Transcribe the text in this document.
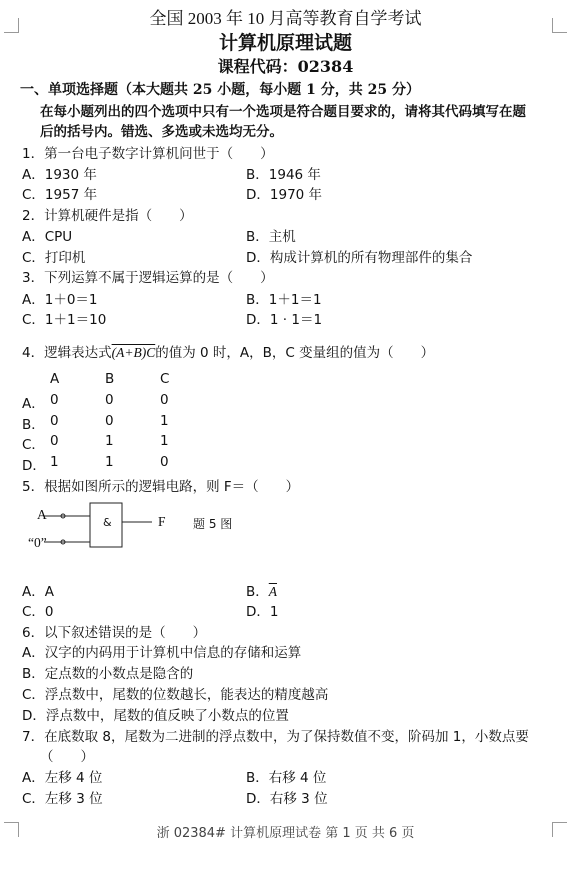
全国 2003 年 10 月高等教育自学考试
计算机原理试题
课程代码：02384
一、单项选择题（本大题共 25 小题，每小题 1 分，共 25 分）
在每小题列出的四个选项中只有一个选项是符合题目要求的，请将其代码填写在题
后的括号内。错选、多选或未选均无分。
1．第一台电子数字计算机问世于（　　）
A．1930 年	B．1946 年
C．1957 年	D．1970 年
2．计算机硬件是指（　　）
A．CPU	B．主机
C．打印机	D．构成计算机的所有物理部件的集合
3．下列运算不属于逻辑运算的是（　　）
A．1＋0＝1	B．1＋1＝1
C．1＋1＝10	D．1 · 1＝1
4．逻辑表达式(A+B)C的值为 0 时，A，B，C 变量组的值为（　　）
A	B	C
A． 0	0	0
B． 0	0	1
C． 0	1	1
D． 1	1	0
5．根据如图所示的逻辑电路，则 F＝（　　）
A
“0”
&	F 题 5 图
A．A	B．$\overline{A}$
C．0	D．1
6．以下叙述错误的是（　　）
A．汉字的内码用于计算机中信息的存储和运算
B．定点数的小数点是隐含的
C．浮点数中，尾数的位数越长，能表达的精度越高
D．浮点数中，尾数的值反映了小数点的位置
7．在底数取 8，尾数为二进制的浮点数中，为了保持数值不变，阶码加 1，小数点要
（　　）
A．左移 4 位	B．右移 4 位
C．左移 3 位	D．右移 3 位
浙 02384# 计算机原理试卷 第 1 页 共 6 页
